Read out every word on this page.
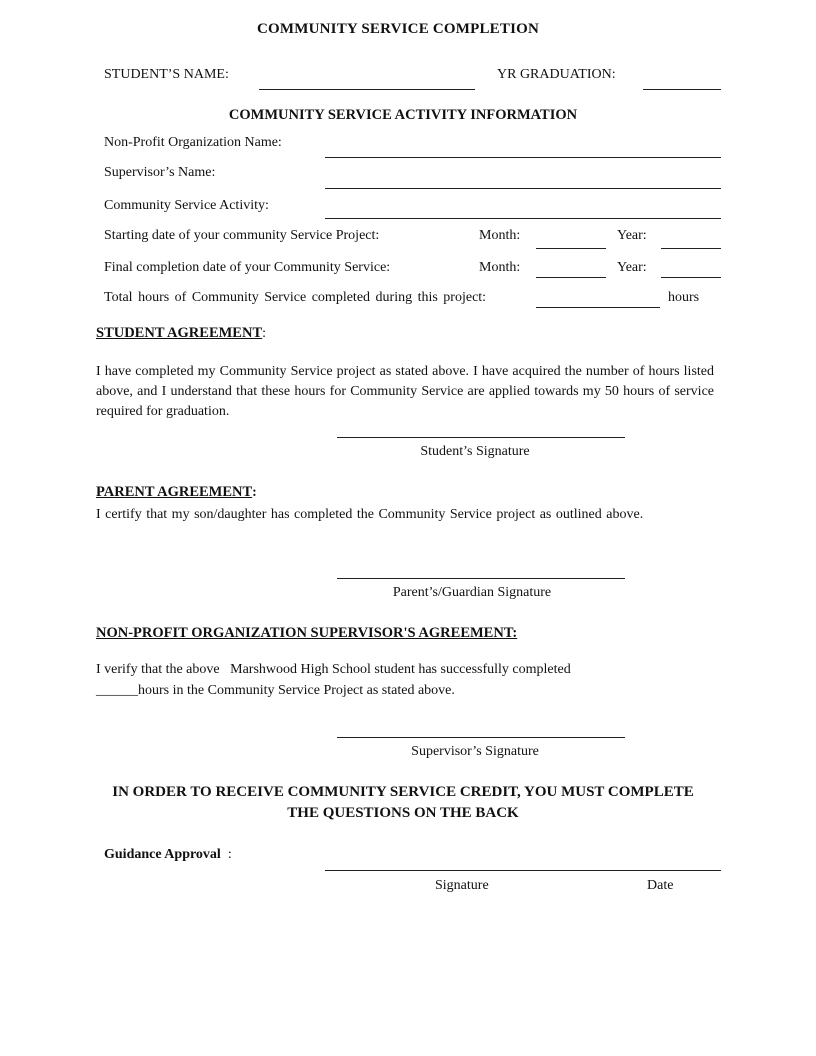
COMMUNITY SERVICE COMPLETION
STUDENT’S NAME:	YR GRADUATION:
COMMUNITY SERVICE ACTIVITY INFORMATION
Non-Profit Organization Name:
Supervisor’s Name:
Community Service Activity:
Starting date of your community Service Project:	Month:	Year:
Final completion date of your Community Service:	Month:	Year:
Total hours of Community Service completed during this project:	hours
STUDENT AGREEMENT:
I have completed my Community Service project as stated above. I have acquired the number of hours listed above, and I understand that these hours for Community Service are applied towards my 50 hours of service required for graduation.
Student’s Signature
PARENT AGREEMENT:
I certify that my son/daughter has completed the Community Service project as outlined above.
Parent’s/Guardian Signature
NON-PROFIT ORGANIZATION SUPERVISOR'S AGREEMENT:
I verify that the above   Marshwood High School student has successfully completed
______hours in the Community Service Project as stated above.
Supervisor’s Signature
IN ORDER TO RECEIVE COMMUNITY SERVICE CREDIT, YOU MUST COMPLETE
THE QUESTIONS ON THE BACK
Guidance Approval :
Signature	Date
